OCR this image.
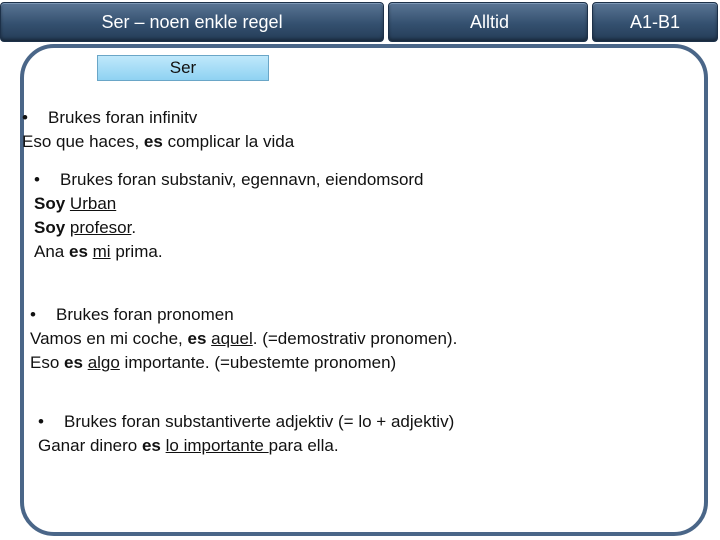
Ser – noen enkle regel	Alltid	A1-B1
Ser

• Brukes foran infinitv

Eso que haces, es complicar la vida

• Brukes foran substaniv, egennavn, eiendomsord

Soy Urban

Soy profesor.

Ana es mi prima.

• Brukes foran pronomen

Vamos en mi coche, es aquel. (=demostrativ pronomen).

Eso es algo importante. (=ubestemte pronomen)

• Brukes foran substantiverte adjektiv (= lo + adjektiv)

Ganar dinero es lo importante para ella.
